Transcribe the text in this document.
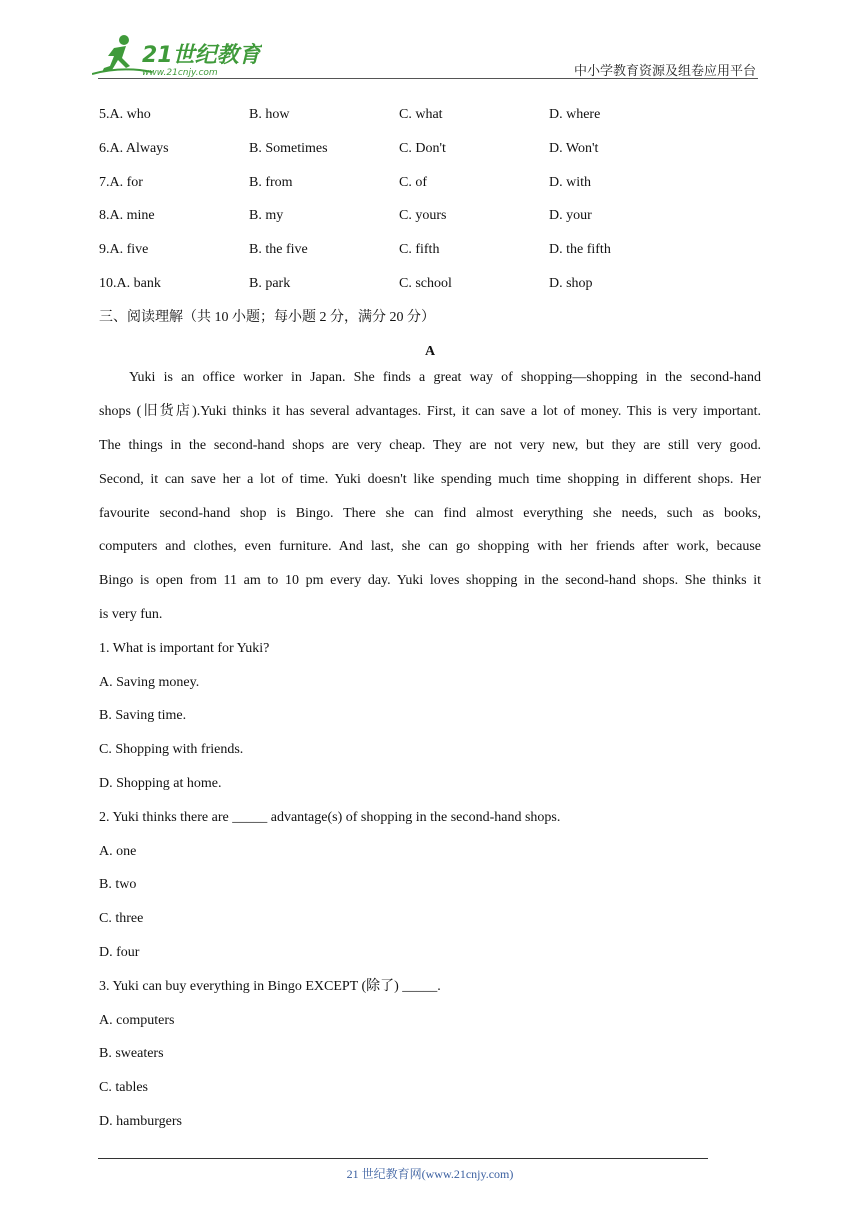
21世纪教育
www.21cnjy.com	中小学教育资源及组卷应用平台
5.A. who	B. how	C. what	D. where
6.A. Always	B. Sometimes	C. Don't	D. Won't
7.A. for	B. from	C. of	D. with
8.A. mine	B. my	C. yours	D. your
9.A. five	B. the five	C. fifth	D. the fifth
10.A. bank	B. park	C. school	D. shop
三、阅读理解（共 10 小题；每小题 2 分，满分 20 分）
A
Yuki is an office worker in Japan. She finds a great way of shopping—shopping in the second-hand
shops (旧货店).Yuki thinks it has several advantages. First, it can save a lot of money. This is very important.
The things in the second-hand shops are very cheap. They are not very new, but they are still very good.
Second, it can save her a lot of time. Yuki doesn't like spending much time shopping in different shops. Her
favourite second-hand shop is Bingo. There she can find almost everything she needs, such as books,
computers and clothes, even furniture. And last, she can go shopping with her friends after work, because
Bingo is open from 11 am to 10 pm every day. Yuki loves shopping in the second-hand shops. She thinks it
is very fun.
1. What is important for Yuki?
A. Saving money.
B. Saving time.
C. Shopping with friends.
D. Shopping at home.
2. Yuki thinks there are _____ advantage(s) of shopping in the second-hand shops.
A. one
B. two
C. three
D. four
3. Yuki can buy everything in Bingo EXCEPT (除了) _____.
A. computers
B. sweaters
C. tables
D. hamburgers
21 世纪教育网(www.21cnjy.com)
